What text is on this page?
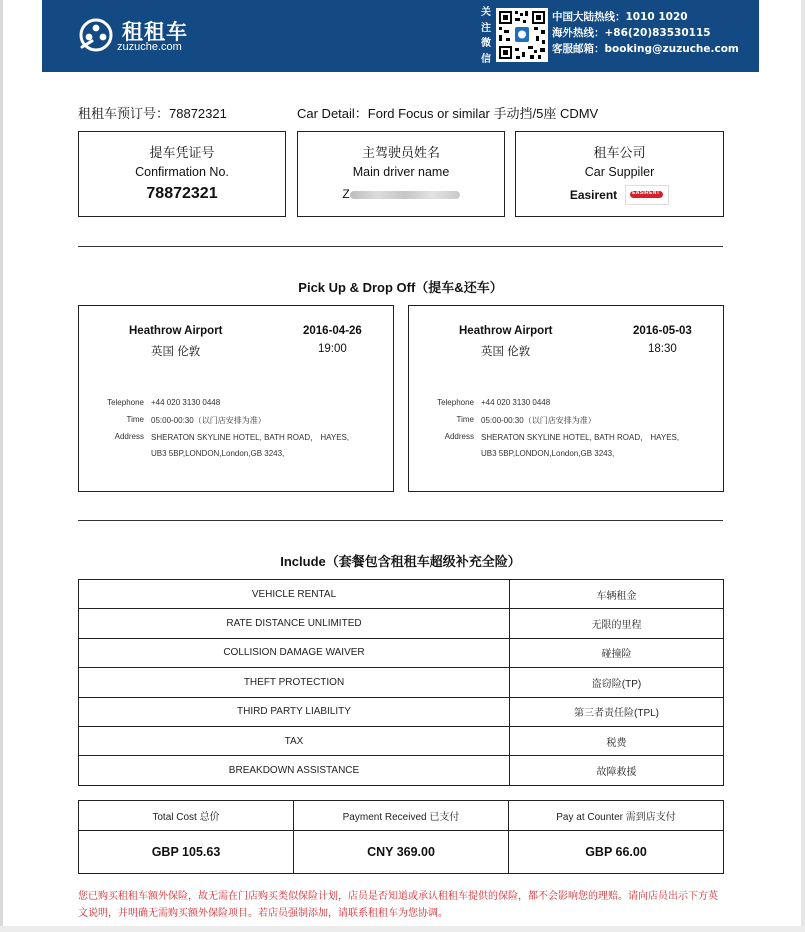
租租车
zuzuche.com
关
注
微
信
中国大陆热线：1010 1020
海外热线：+86(20)83530115
客服邮箱：booking@zuzuche.com
租租车预订号：78872321	Car Detail：Ford Focus or similar 手动挡/5座 CDMV
提车凭证号
Confirmation No.
78872321
主驾驶员姓名
Main driver name
Z
租车公司
Car Suppiler
Easirent	EASIRENT
Pick Up & Drop Off（提车&还车）
Heathrow Airport
英国 伦敦
2016-04-26
19:00
Telephone +44 020 3130 0448
Time 05:00-00:30（以门店安排为准）
Address SHERATON SKYLINE HOTEL, BATH ROAD， HAYES,
UB3 5BP,LONDON,London,GB 3243,
Heathrow Airport
英国 伦敦
2016-05-03
18:30
Telephone +44 020 3130 0448
Time 05:00-00:30（以门店安排为准）
Address SHERATON SKYLINE HOTEL, BATH ROAD， HAYES,
UB3 5BP,LONDON,London,GB 3243,
Include（套餐包含租租车超级补充全险）
VEHICLE RENTAL	车辆租金
RATE DISTANCE UNLIMITED	无限的里程
COLLISION DAMAGE WAIVER	碰撞险
THEFT PROTECTION	盗窃险(TP)
THIRD PARTY LIABILITY	第三者责任险(TPL)
TAX	税费
BREAKDOWN ASSISTANCE	故障救援
Total Cost 总价	Payment Received 已支付	Pay at Counter 需到店支付
GBP 105.63	CNY 369.00	GBP 66.00
您已购买租租车额外保险，故无需在门店购买类似保险计划，店员是否知道或承认租租车提供的保险，都不会影响您的理赔。请向店员出示下方英文说明，并明确无需购买额外保险项目。若店员强制添加，请联系租租车为您协调。
